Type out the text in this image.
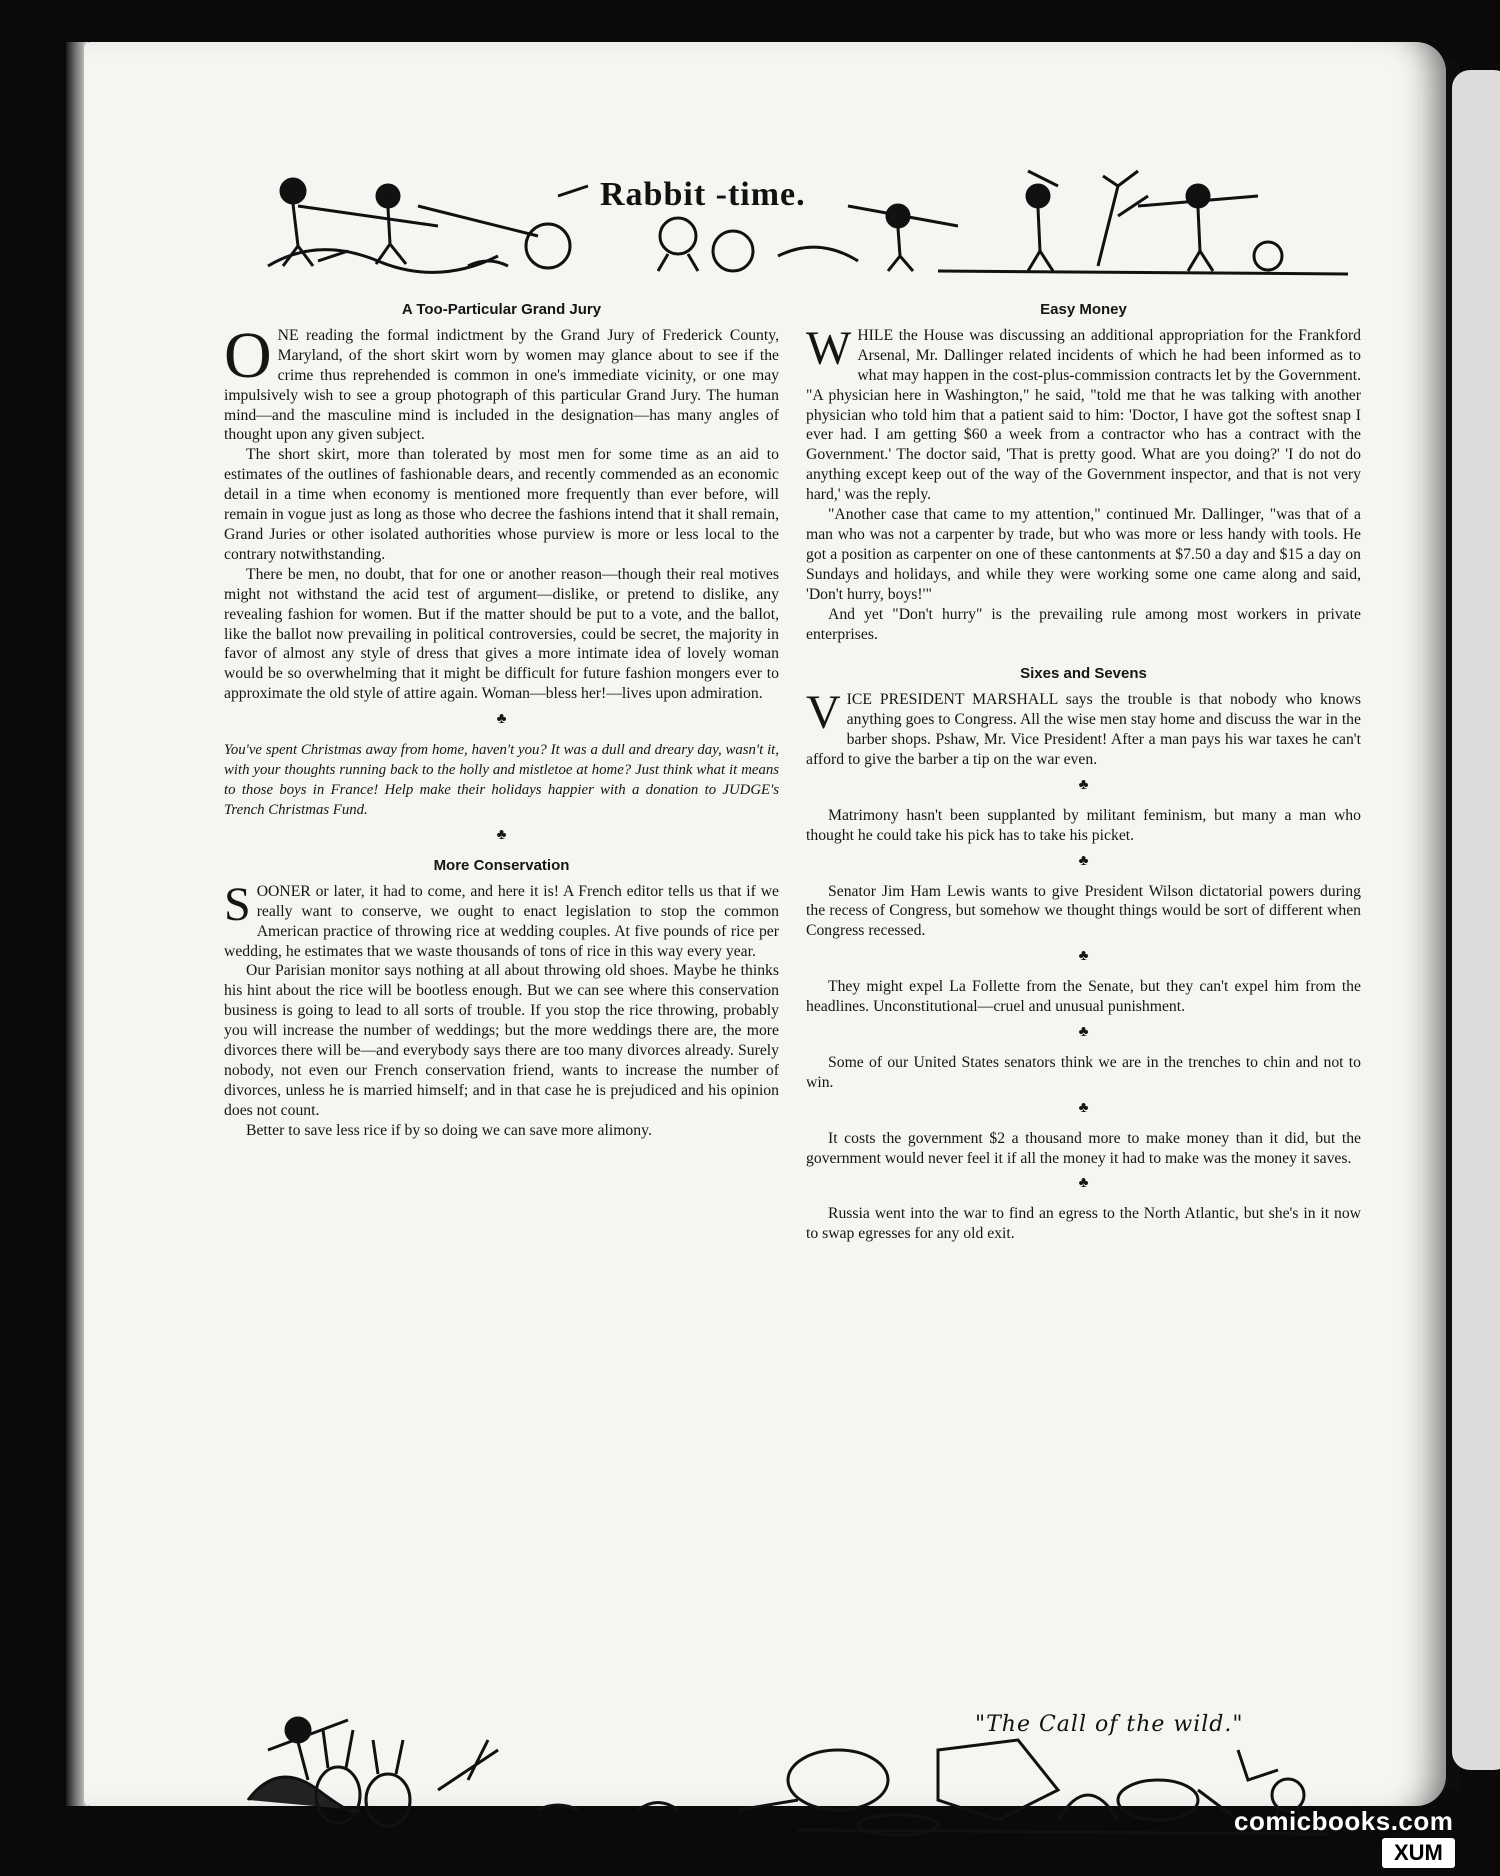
Rabbit -time.
A Too-Particular Grand Jury

ONE reading the formal indictment by the Grand Jury of Frederick County, Maryland, of the short skirt worn by women may glance about to see if the crime thus reprehended is common in one's immediate vicinity, or one may impulsively wish to see a group photograph of this particular Grand Jury. The human mind—and the masculine mind is included in the designation—has many angles of thought upon any given subject.

The short skirt, more than tolerated by most men for some time as an aid to estimates of the outlines of fashionable dears, and recently commended as an economic detail in a time when economy is mentioned more frequently than ever before, will remain in vogue just as long as those who decree the fashions intend that it shall remain, Grand Juries or other isolated authorities whose purview is more or less local to the contrary notwithstanding.

There be men, no doubt, that for one or another reason—though their real motives might not withstand the acid test of argument—dislike, or pretend to dislike, any revealing fashion for women. But if the matter should be put to a vote, and the ballot, like the ballot now prevailing in political controversies, could be secret, the majority in favor of almost any style of dress that gives a more intimate idea of lovely woman would be so overwhelming that it might be difficult for future fashion mongers ever to approximate the old style of attire again. Woman—bless her!—lives upon admiration.

♣
You've spent Christmas away from home, haven't you? It was a dull and dreary day, wasn't it, with your thoughts running back to the holly and mistletoe at home? Just think what it means to those boys in France! Help make their holidays happier with a donation to JUDGE's Trench Christmas Fund.
♣
More Conservation

SOONER or later, it had to come, and here it is! A French editor tells us that if we really want to conserve, we ought to enact legislation to stop the common American practice of throwing rice at wedding couples. At five pounds of rice per wedding, he estimates that we waste thousands of tons of rice in this way every year.

Our Parisian monitor says nothing at all about throwing old shoes. Maybe he thinks his hint about the rice will be bootless enough. But we can see where this conservation business is going to lead to all sorts of trouble. If you stop the rice throwing, probably you will increase the number of weddings; but the more weddings there are, the more divorces there will be—and everybody says there are too many divorces already. Surely nobody, not even our French conservation friend, wants to increase the number of divorces, unless he is married himself; and in that case he is prejudiced and his opinion does not count.

Better to save less rice if by so doing we can save more alimony.

Easy Money

WHILE the House was discussing an additional appropriation for the Frankford Arsenal, Mr. Dallinger related incidents of which he had been informed as to what may happen in the cost-plus-commission contracts let by the Government. "A physician here in Washington," he said, "told me that he was talking with another physician who told him that a patient said to him: 'Doctor, I have got the softest snap I ever had. I am getting $60 a week from a contractor who has a contract with the Government.' The doctor said, 'That is pretty good. What are you doing?' 'I do not do anything except keep out of the way of the Government inspector, and that is not very hard,' was the reply.

"Another case that came to my attention," continued Mr. Dallinger, "was that of a man who was not a carpenter by trade, but who was more or less handy with tools. He got a position as carpenter on one of these cantonments at $7.50 a day and $15 a day on Sundays and holidays, and while they were working some one came along and said, 'Don't hurry, boys!'"

And yet "Don't hurry" is the prevailing rule among most workers in private enterprises.

Sixes and Sevens

VICE PRESIDENT MARSHALL says the trouble is that nobody who knows anything goes to Congress. All the wise men stay home and discuss the war in the barber shops. Pshaw, Mr. Vice President! After a man pays his war taxes he can't afford to give the barber a tip on the war even.

♣

Matrimony hasn't been supplanted by militant feminism, but many a man who thought he could take his pick has to take his picket.

♣

Senator Jim Ham Lewis wants to give President Wilson dictatorial powers during the recess of Congress, but somehow we thought things would be sort of different when Congress recessed.

♣

They might expel La Follette from the Senate, but they can't expel him from the headlines. Unconstitutional—cruel and unusual punishment.

♣

Some of our United States senators think we are in the trenches to chin and not to win.

♣

It costs the government $2 a thousand more to make money than it did, but the government would never feel it if all the money it had to make was the money it saves.

♣

Russia went into the war to find an egress to the North Atlantic, but she's in it now to swap egresses for any old exit.

"The Call of the wild."
comicbooks.com
XUM
